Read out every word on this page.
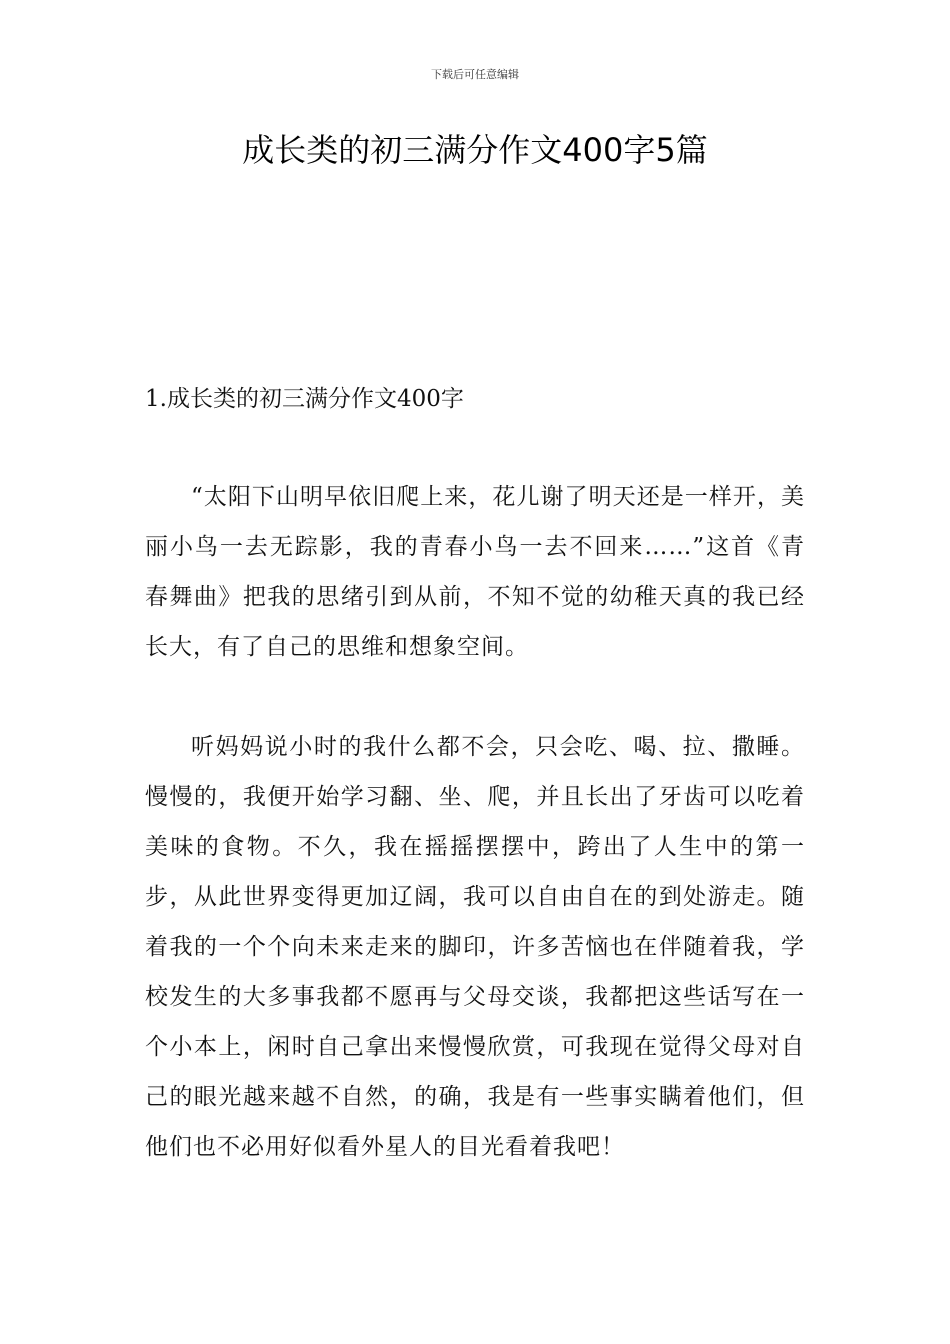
下载后可任意编辑
成长类的初三满分作文400字5篇
1.成长类的初三满分作文400字

“太阳下山明早依旧爬上来，花儿谢了明天还是一样开，美丽小鸟一去无踪影，我的青春小鸟一去不回来……”这首《青春舞曲》把我的思绪引到从前，不知不觉的幼稚天真的我已经长大，有了自己的思维和想象空间。

听妈妈说小时的我什么都不会，只会吃、喝、拉、撒睡。慢慢的，我便开始学习翻、坐、爬，并且长出了牙齿可以吃着美味的食物。不久，我在摇摇摆摆中，跨出了人生中的第一步，从此世界变得更加辽阔，我可以自由自在的到处游走。随着我的一个个向未来走来的脚印，许多苦恼也在伴随着我，学校发生的大多事我都不愿再与父母交谈，我都把这些话写在一个小本上，闲时自己拿出来慢慢欣赏，可我现在觉得父母对自己的眼光越来越不自然，的确，我是有一些事实瞒着他们，但他们也不必用好似看外星人的目光看着我吧！
